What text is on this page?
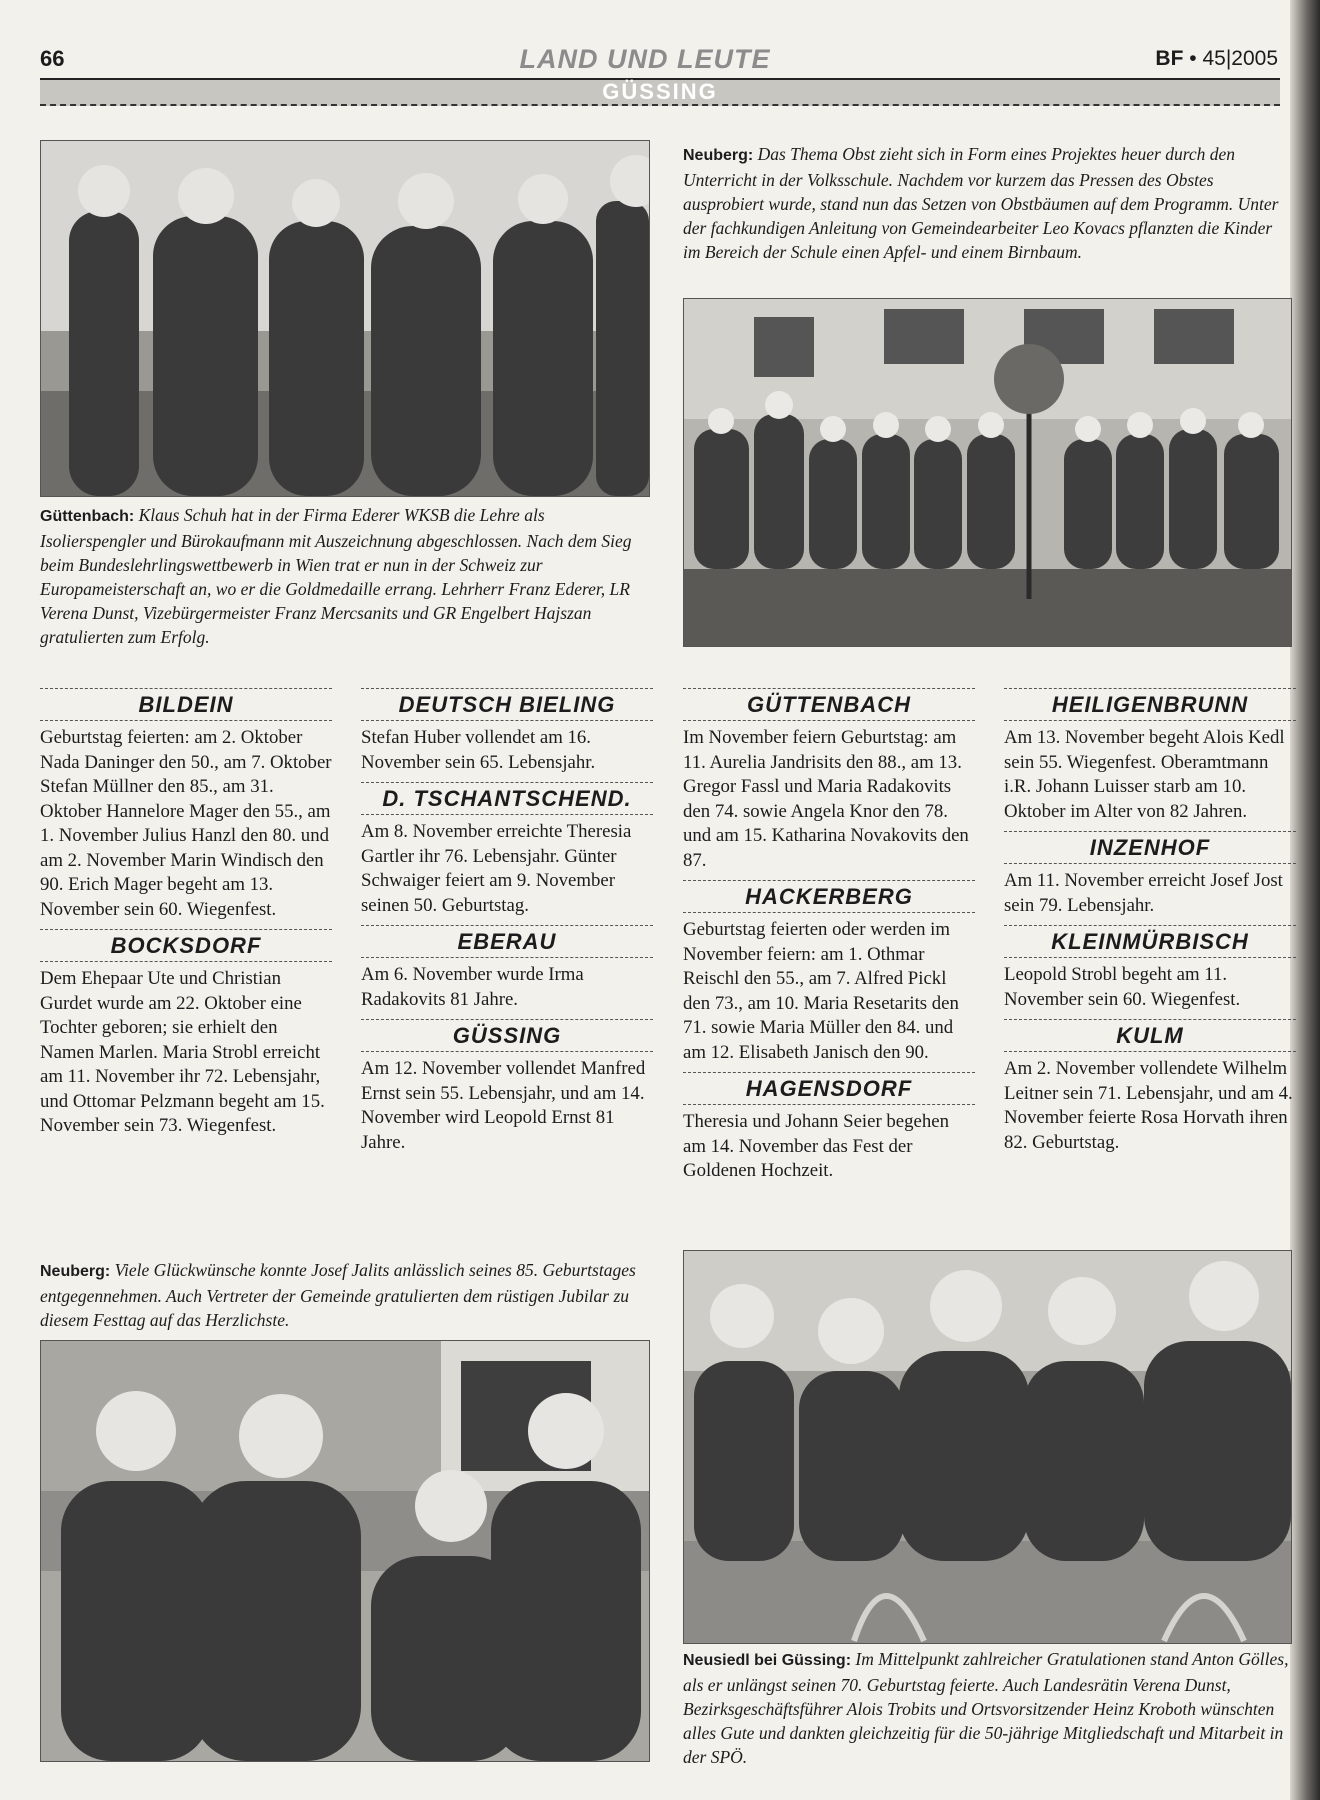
66	LAND UND LEUTE	BF • 45|2005
GÜSSING

Güttenbach: Klaus Schuh hat in der Firma Ederer WKSB die Lehre als Isolierspengler und Bürokaufmann mit Auszeichnung abgeschlossen. Nach dem Sieg beim Bundeslehrlingswettbewerb in Wien trat er nun in der Schweiz zur Europameisterschaft an, wo er die Goldmedaille errang. Lehrherr Franz Ederer, LR Verena Dunst, Vizebürgermeister Franz Mercsanits und GR Engelbert Hajszan gratulierten zum Erfolg.

Neuberg: Das Thema Obst zieht sich in Form eines Projektes heuer durch den Unterricht in der Volksschule. Nachdem vor kurzem das Pressen des Obstes ausprobiert wurde, stand nun das Setzen von Obstbäumen auf dem Programm. Unter der fachkundigen Anleitung von Gemeindearbeiter Leo Kovacs pflanzten die Kinder im Bereich der Schule einen Apfel- und einem Birnbaum.

BILDEIN

Geburtstag feierten: am 2. Oktober Nada Daninger den 50., am 7. Oktober Stefan Müllner den 85., am 31. Oktober Hannelore Mager den 55., am 1. November Julius Hanzl den 80. und am 2. November Marin Windisch den 90. Erich Mager begeht am 13. November sein 60. Wiegenfest.

BOCKSDORF

Dem Ehepaar Ute und Christian Gurdet wurde am 22. Oktober eine Tochter geboren; sie erhielt den Namen Marlen. Maria Strobl erreicht am 11. November ihr 72. Lebensjahr, und Ottomar Pelzmann begeht am 15. November sein 73. Wiegenfest.

DEUTSCH BIELING

Stefan Huber vollendet am 16. November sein 65. Lebensjahr.

D. TSCHANTSCHEND.

Am 8. November erreichte Theresia Gartler ihr 76. Lebensjahr. Günter Schwaiger feiert am 9. November seinen 50. Geburtstag.

EBERAU

Am 6. November wurde Irma Radakovits 81 Jahre.

GÜSSING

Am 12. November vollendet Manfred Ernst sein 55. Lebensjahr, und am 14. November wird Leopold Ernst 81 Jahre.

GÜTTENBACH

Im November feiern Geburtstag: am 11. Aurelia Jandrisits den 88., am 13. Gregor Fassl und Maria Radakovits den 74. sowie Angela Knor den 78. und am 15. Katharina Novakovits den 87.

HACKERBERG

Geburtstag feierten oder werden im November feiern: am 1. Othmar Reischl den 55., am 7. Alfred Pickl den 73., am 10. Maria Resetarits den 71. sowie Maria Müller den 84. und am 12. Elisabeth Janisch den 90.

HAGENSDORF

Theresia und Johann Seier begehen am 14. November das Fest der Goldenen Hochzeit.

HEILIGENBRUNN

Am 13. November begeht Alois Kedl sein 55. Wiegenfest. Oberamtmann i.R. Johann Luisser starb am 10. Oktober im Alter von 82 Jahren.

INZENHOF

Am 11. November erreicht Josef Jost sein 79. Lebensjahr.

KLEINMÜRBISCH

Leopold Strobl begeht am 11. November sein 60. Wiegenfest.

KULM

Am 2. November vollendete Wilhelm Leitner sein 71. Lebensjahr, und am 4. November feierte Rosa Horvath ihren 82. Geburtstag.

Neuberg: Viele Glückwünsche konnte Josef Jalits anlässlich seines 85. Geburtstages entgegennehmen. Auch Vertreter der Gemeinde gratulierten dem rüstigen Jubilar zu diesem Festtag auf das Herzlichste.

Neusiedl bei Güssing: Im Mittelpunkt zahlreicher Gratulationen stand Anton Gölles, als er unlängst seinen 70. Geburtstag feierte. Auch Landesrätin Verena Dunst, Bezirksgeschäftsführer Alois Trobits und Ortsvorsitzender Heinz Kroboth wünschten alles Gute und dankten gleichzeitig für die 50-jährige Mitgliedschaft und Mitarbeit in der SPÖ.
